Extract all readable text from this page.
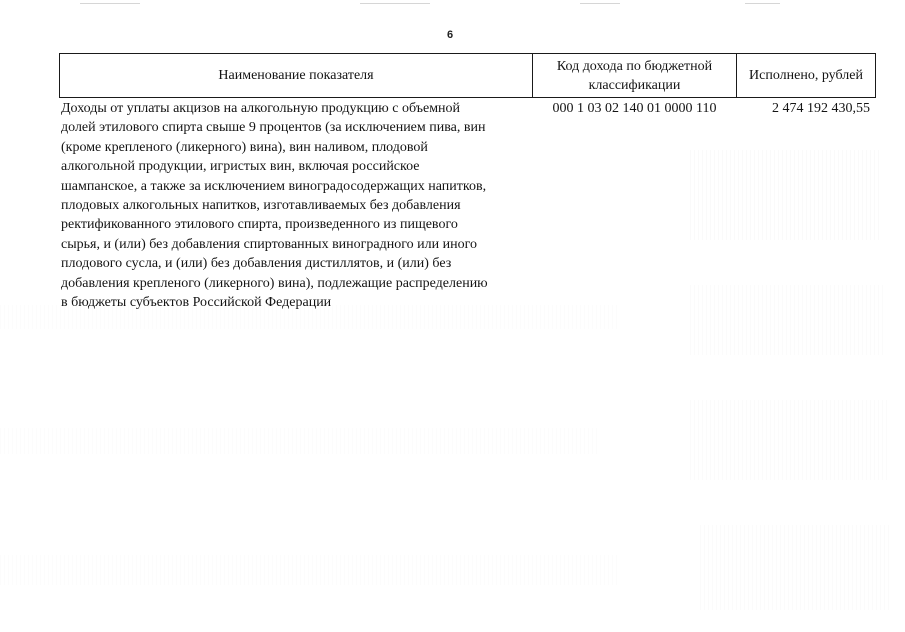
6
Наименование показателя
Код дохода по бюджетной классификации
Исполнено, рублей
Доходы от уплаты акцизов на алкогольную продукцию с объемной
долей этилового спирта свыше 9 процентов (за исключением пива, вин
(кроме крепленого (ликерного) вина), вин наливом, плодовой
алкогольной продукции, игристых вин, включая российское
шампанское, а также за исключением виноградосодержащих напитков,
плодовых алкогольных напитков, изготавливаемых без добавления
ректификованного этилового спирта, произведенного из пищевого
сырья, и (или) без добавления спиртованных виноградного или иного
плодового сусла, и (или) без добавления дистиллятов, и (или) без
добавления крепленого (ликерного) вина), подлежащие распределению
в бюджеты субъектов Российской Федерации
000 1 03 02 140 01 0000 110	2 474 192 430,55
